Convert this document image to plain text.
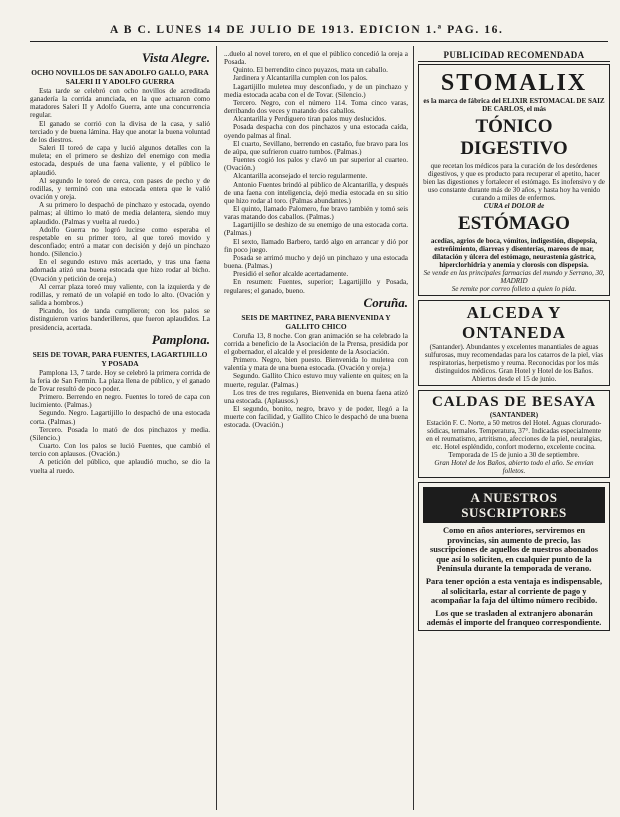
A B C. LUNES 14 DE JULIO DE 1913. EDICION 1.ª PAG. 16.
Vista Alegre.
OCHO NOVILLOS DE SAN ADOLFO GALLO, PARA SALERI II Y ADOLFO GUERRA

Esta tarde se celebró con ocho novillos de acreditada ganadería la corrida anunciada, en la que actuaron como matadores Saleri II y Adolfo Guerra, ante una concurrencia regular.

El ganado se corrió con la divisa de la casa, y salió terciado y de buena lámina. Hay que anotar la buena voluntad de los diestros.

Saleri II toreó de capa y lució algunos detalles con la muleta; en el primero se deshizo del enemigo con media estocada, después de una faena valiente, y el público le aplaudió.

Al segundo le toreó de cerca, con pases de pecho y de rodillas, y terminó con una estocada entera que le valió ovación y oreja.

A su primero lo despachó de pinchazo y estocada, oyendo palmas; al último lo mató de media delantera, siendo muy aplaudido. (Palmas y vuelta al ruedo.)

Adolfo Guerra no logró lucirse como esperaba el respetable en su primer toro, al que toreó movido y desconfiado; entró a matar con decisión y dejó un pinchazo hondo. (Silencio.)

En el segundo estuvo más acertado, y tras una faena adornada atizó una buena estocada que hizo rodar al bicho. (Ovación y petición de oreja.)

Al cerrar plaza toreó muy valiente, con la izquierda y de rodillas, y remató de un volapié en todo lo alto. (Ovación y salida a hombros.)

Picando, los de tanda cumplieron; con los palos se distinguieron varios banderilleros, que fueron aplaudidos. La presidencia, acertada.

Pamplona.
SEIS DE TOVAR, PARA FUENTES, LAGARTIJILLO Y POSADA

Pamplona 13, 7 tarde. Hoy se celebró la primera corrida de la feria de San Fermín. La plaza llena de público, y el ganado de Tovar resultó de poco poder.

Primero. Berrendo en negro. Fuentes lo toreó de capa con lucimiento. (Palmas.)

Segundo. Negro. Lagartijillo lo despachó de una estocada corta. (Palmas.)

Tercero. Posada lo mató de dos pinchazos y media. (Silencio.)

Cuarto. Con los palos se lució Fuentes, que cambió el tercio con aplausos. (Ovación.)

A petición del público, que aplaudió mucho, se dio la vuelta al ruedo.

...duelo al novel torero, en el que el público concedió la oreja a Posada.

Quinto. El berrendito cinco puyazos, mata un caballo.

Jardinera y Alcantarilla cumplen con los palos.

Lagartijillo muletea muy desconfiado, y de un pinchazo y media estocada acaba con el de Tovar. (Silencio.)

Tercero. Negro, con el número 114. Toma cinco varas, derribando dos veces y matando dos caballos.

Alcantarilla y Perdiguero tiran palos muy deslucidos.

Posada despacha con dos pinchazos y una estocada caída, oyendo palmas al final.

El cuarto, Sevillano, berrendo en castaño, fue bravo para los de aúpa, que sufrieron cuatro tumbos. (Palmas.)

Fuentes cogió los palos y clavó un par superior al cuarteo. (Ovación.)

Alcantarilla aconsejado el tercio regularmente.

Antonio Fuentes brindó al público de Alcantarilla, y después de una faena con inteligencia, dejó media estocada en su sitio que hizo rodar al toro. (Palmas abundantes.)

El quinto, llamado Palomero, fue bravo también y tomó seis varas matando dos caballos. (Palmas.)

Lagartijillo se deshizo de su enemigo de una estocada corta. (Palmas.)

El sexto, llamado Barbero, tardó algo en arrancar y dió por fin poco juego.

Posada se arrimó mucho y dejó un pinchazo y una estocada buena. (Palmas.)

Presidió el señor alcalde acertadamente.

En resumen: Fuentes, superior; Lagartijillo y Posada, regulares; el ganado, bueno.

Coruña.
SEIS DE MARTINEZ, PARA BIENVENIDA Y GALLITO CHICO

Coruña 13, 8 noche. Con gran animación se ha celebrado la corrida a beneficio de la Asociación de la Prensa, presidida por el gobernador, el alcalde y el presidente de la Asociación.

Primero. Negro, bien puesto. Bienvenida lo muletea con valentía y mata de una buena estocada. (Ovación y oreja.)

Segundo. Gallito Chico estuvo muy valiente en quites; en la muerte, regular. (Palmas.)

Los tres de tres regulares, Bienvenida en buena faena atizó una estocada. (Aplausos.)

El segundo, bonito, negro, bravo y de poder, llegó a la muerte con facilidad, y Gallito Chico le despachó de una buena estocada. (Ovación.)

PUBLICIDAD RECOMENDADA
STOMALIX

es la marca de fábrica del ELIXIR ESTOMACAL DE SAIZ DE CARLOS, el más

TÓNICO DIGESTIVO

que recetan los médicos para la curación de los desórdenes digestivos, y que es producto para recuperar el apetito, hacer bien las digestiones y fortalecer el estómago. Es inofensivo y de uso constante durante más de 30 años, y hasta hoy ha venido curando a miles de enfermos.

CURA el DOLOR de

ESTÓMAGO

acedías, agrios de boca, vómitos, indigestión, dispepsia, estreñimiento, diarreas y disenterías, mareos de mar, dilatación y úlcera del estómago, neurastenia gástrica, hiperclorhidria y anemia y clorosis con dispepsia.

Se vende en las principales farmacias del mundo y Serrano, 30, MADRID

Se remite por correo folleto a quien lo pida.

ALCEDA Y ONTANEDA

(Santander). Abundantes y excelentes manantiales de aguas sulfurosas, muy recomendadas para los catarros de la piel, vías respiratorias, herpetismo y reuma. Reconocidas por los más distinguidos médicos. Gran Hotel y Hotel de los Baños. Abiertos desde el 15 de junio.

CALDAS DE BESAYA

(SANTANDER)

Estación F. C. Norte, a 50 metros del Hotel. Aguas clorurado-sódicas, termales. Temperatura, 37°. Indicadas especialmente en el reumatismo, artritismo, afecciones de la piel, neuralgias, etc. Hotel espléndido, confort moderno, excelente cocina. Temporada de 15 de junio a 30 de septiembre.

Gran Hotel de los Baños, abierto todo el año. Se envían folletos.

A NUESTROS SUSCRIPTORES

Como en años anteriores, serviremos en provincias, sin aumento de precio, las suscripciones de aquellos de nuestros abonados que así lo soliciten, en cualquier punto de la Península durante la temporada de verano.

Para tener opción a esta ventaja es indispensable, al solicitarla, estar al corriente de pago y acompañar la faja del último número recibido.

Los que se trasladen al extranjero abonarán además el importe del franqueo correspondiente.
